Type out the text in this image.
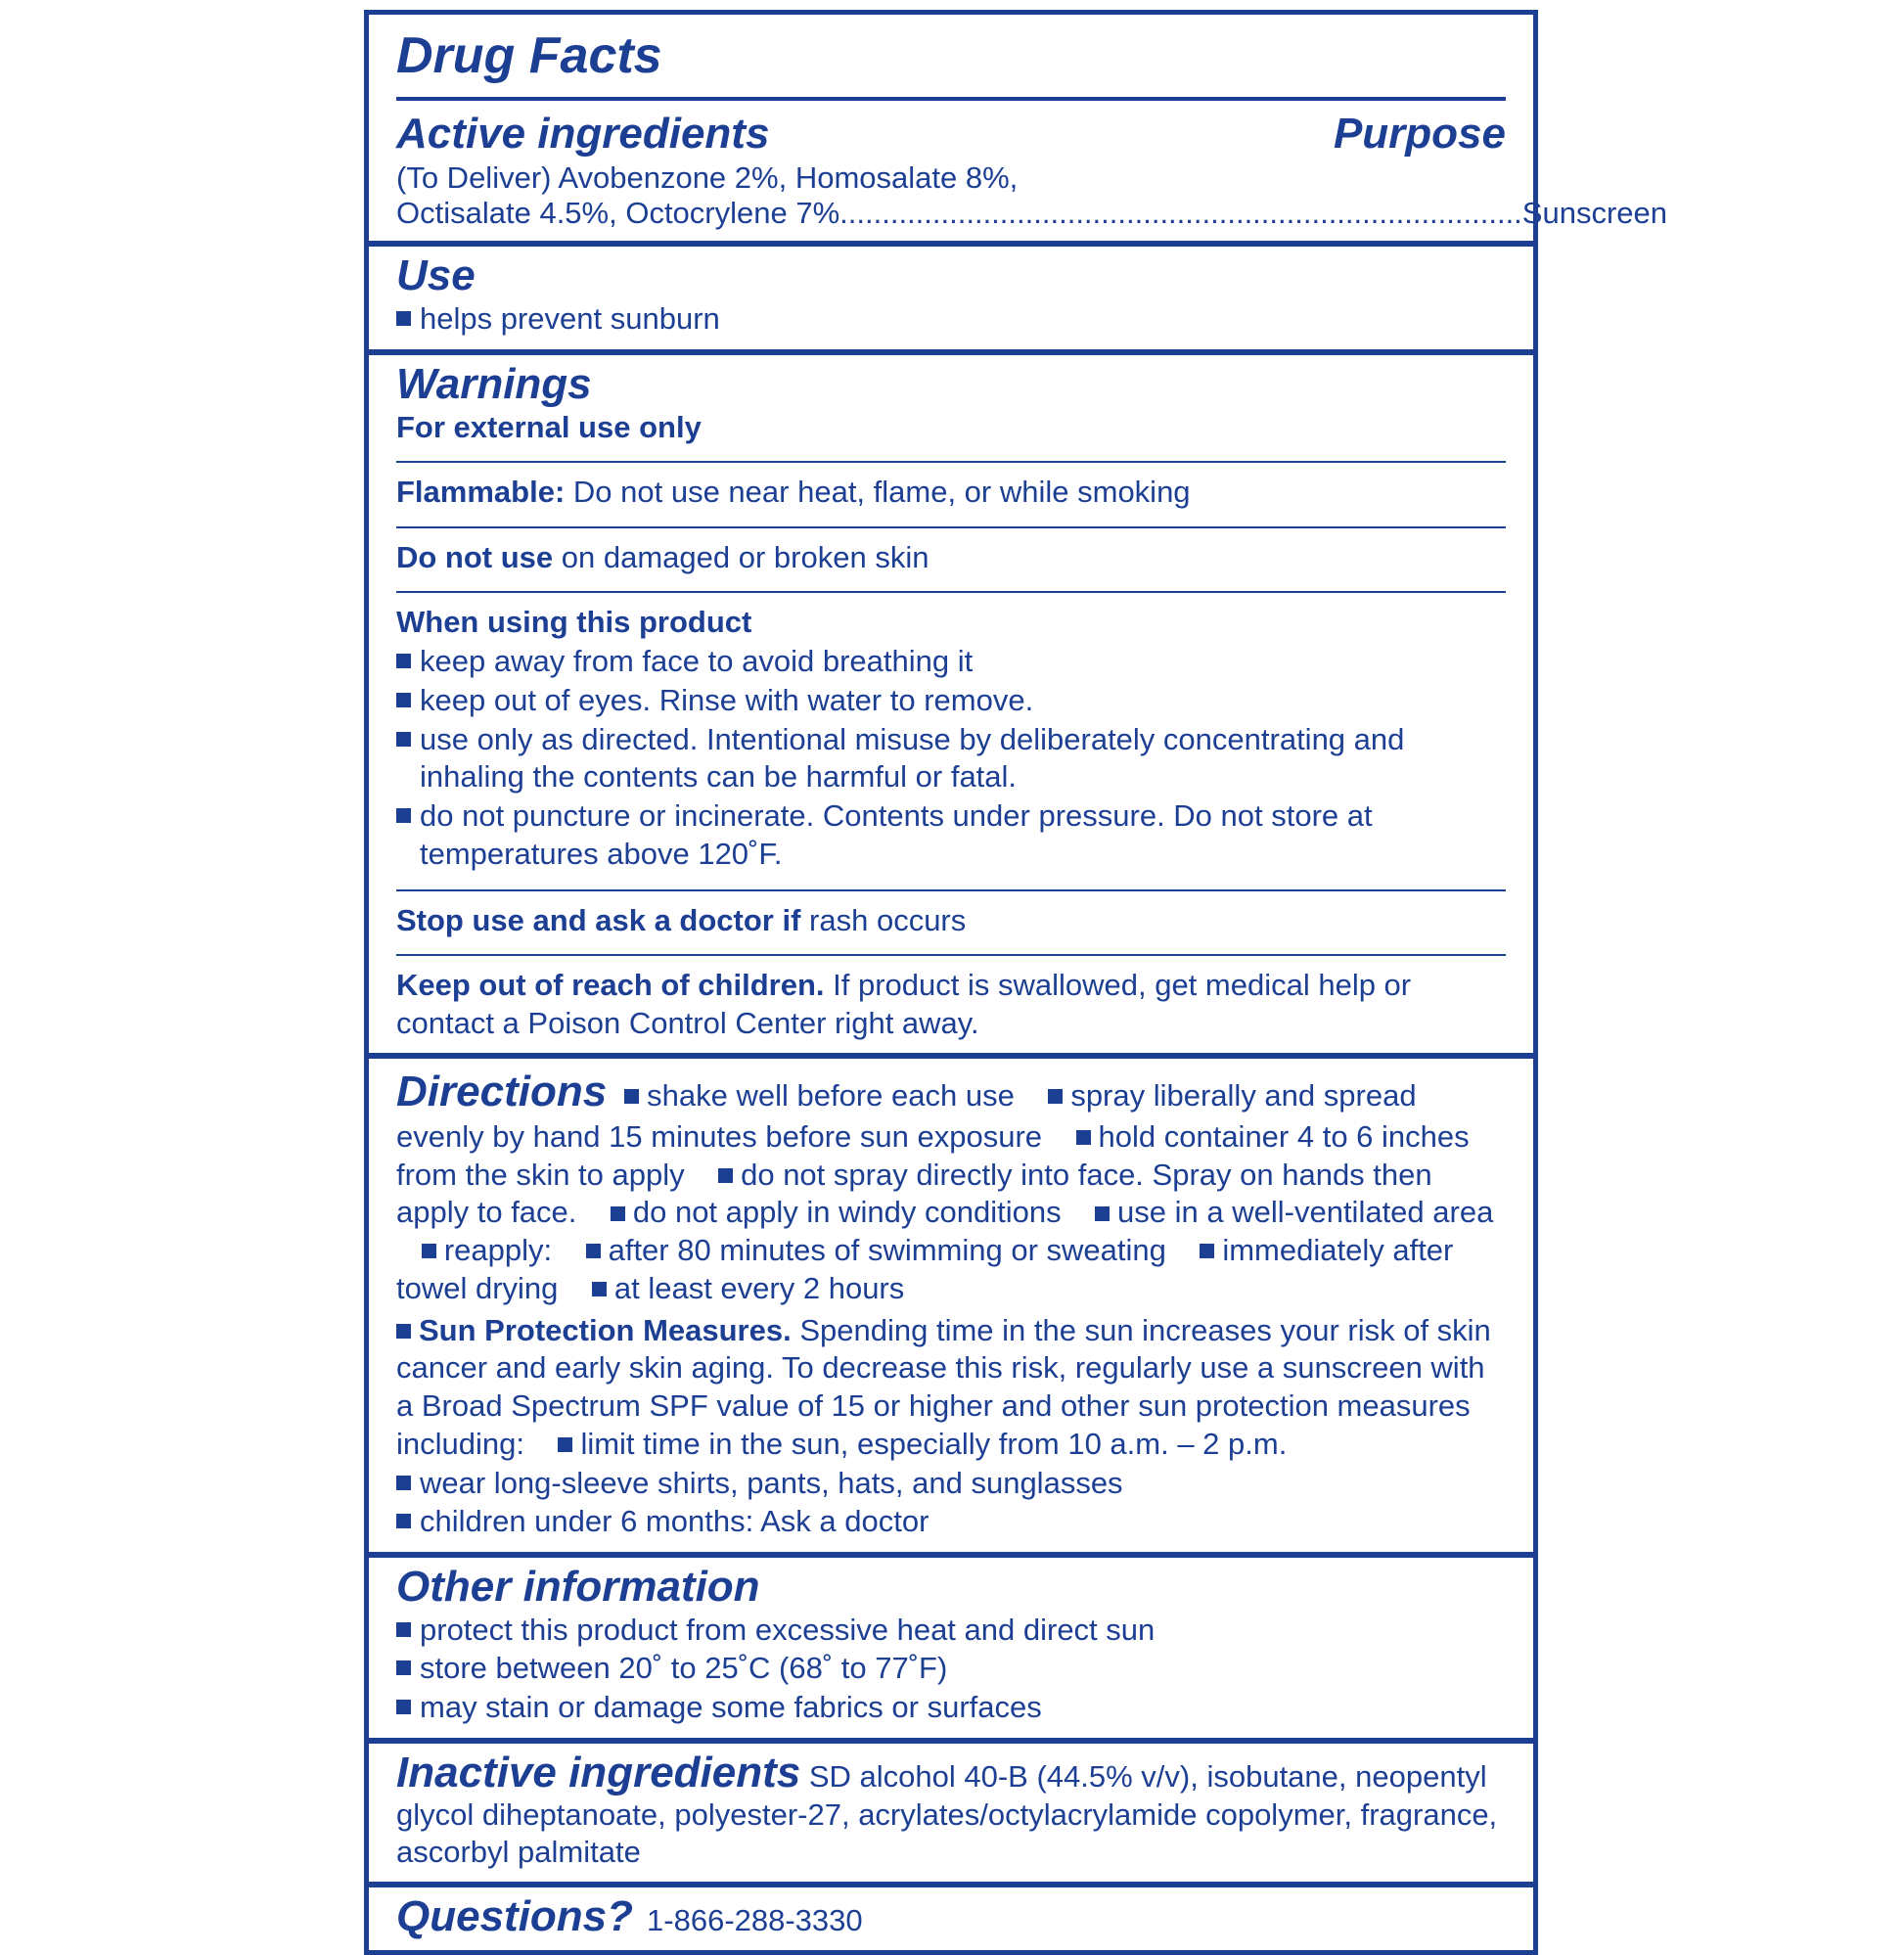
Drug Facts
Active ingredients	Purpose
(To Deliver) Avobenzone 2%, Homosalate 8%,
Octisalate 4.5%, Octocrylene 7% ................................................................................. Sunscreen
Use
helps prevent sunburn
Warnings
For external use only
Flammable: Do not use near heat, flame, or while smoking
Do not use on damaged or broken skin
When using this product
keep away from face to avoid breathing it
keep out of eyes. Rinse with water to remove.
use only as directed. Intentional misuse by deliberately concentrating and inhaling the contents can be harmful or fatal.
do not puncture or incinerate. Contents under pressure. Do not store at temperatures above 120˚F.
Stop use and ask a doctor if rash occurs
Keep out of reach of children. If product is swallowed, get medical help or contact a Poison Control Center right away.
Directions shake well before each use spray liberally and spread evenly by hand 15 minutes before sun exposure hold container 4 to 6 inches from the skin to apply do not spray directly into face. Spray on hands then apply to face. do not apply in windy conditions use in a well-ventilated area    reapply: after 80 minutes of swimming or sweating immediately after towel drying at least every 2 hours
Sun Protection Measures. Spending time in the sun increases your risk of skin cancer and early skin aging. To decrease this risk, regularly use a sunscreen with a Broad Spectrum SPF value of 15 or higher and other sun protection measures including: limit time in the sun, especially from 10 a.m. – 2 p.m.
wear long-sleeve shirts, pants, hats, and sunglasses
children under 6 months: Ask a doctor
Other information
protect this product from excessive heat and direct sun
store between 20˚ to 25˚C (68˚ to 77˚F)
may stain or damage some fabrics or surfaces
Inactive ingredients SD alcohol 40-B (44.5% v/v), isobutane, neopentyl glycol diheptanoate, polyester-27, acrylates/octylacrylamide copolymer, fragrance, ascorbyl palmitate
Questions? 1-866-288-3330
